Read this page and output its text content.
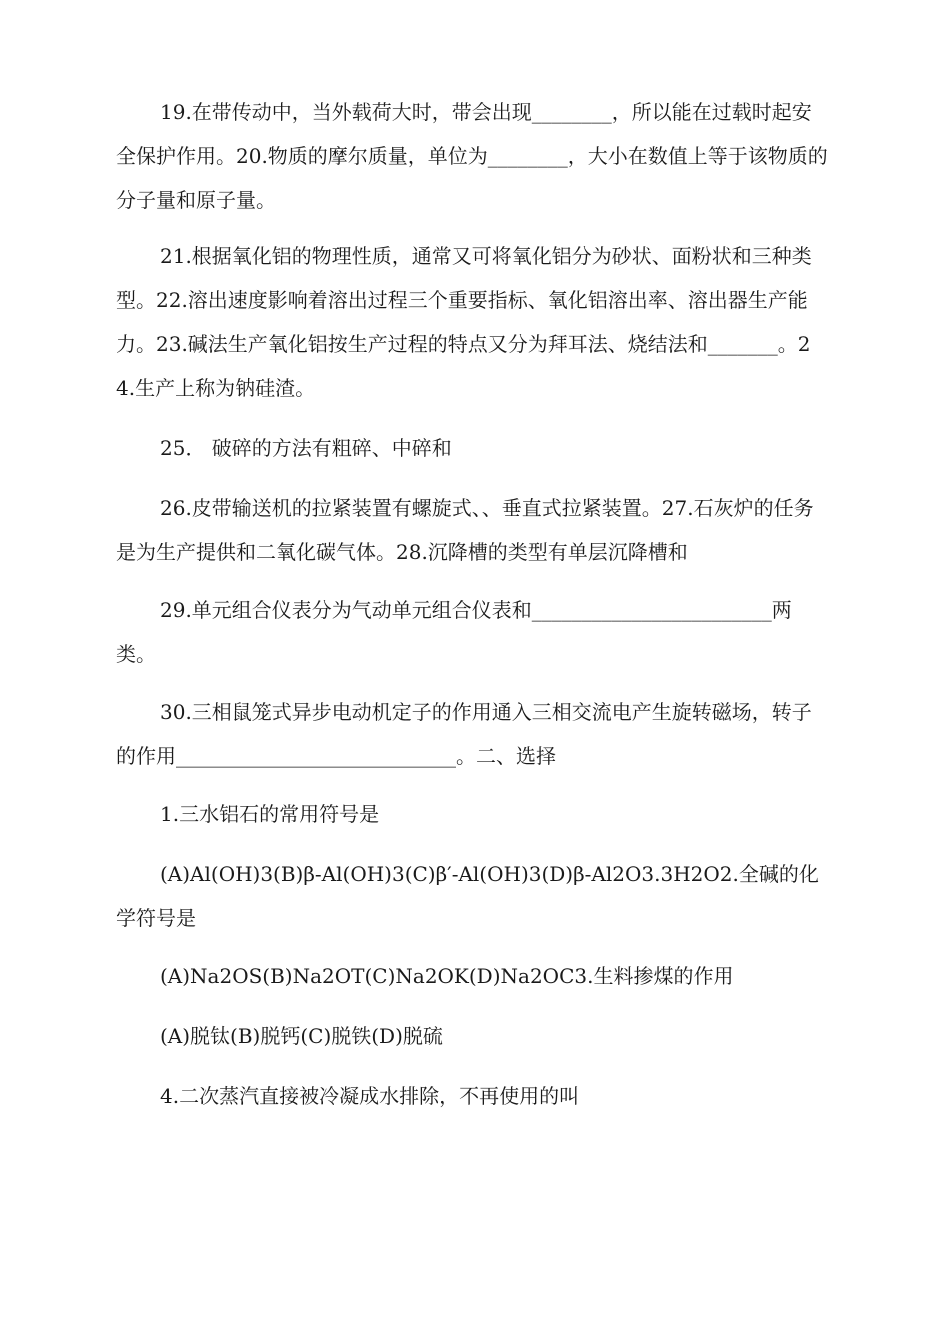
19.在带传动中，当外载荷大时，带会出现________，所以能在过载时起安全保护作用。20.物质的摩尔质量，单位为________，大小在数值上等于该物质的分子量和原子量。

21.根据氧化铝的物理性质，通常又可将氧化铝分为砂状、面粉状和三种类型。22.溶出速度影响着溶出过程三个重要指标、氧化铝溶出率、溶出器生产能力。23.碱法生产氧化铝按生产过程的特点又分为拜耳法、烧结法和_______。24.生产上称为钠硅渣。

25． 破碎的方法有粗碎、中碎和

26.皮带输送机的拉紧装置有螺旋式、、垂直式拉紧装置。27.石灰炉的任务是为生产提供和二氧化碳气体。28.沉降槽的类型有单层沉降槽和

29.单元组合仪表分为气动单元组合仪表和________________________两类。

30.三相鼠笼式异步电动机定子的作用通入三相交流电产生旋转磁场，转子的作用____________________________。二、选择

1.三水铝石的常用符号是

(A)Al(OH)3(B)β-Al(OH)3(C)β′-Al(OH)3(D)β-Al2O3.3H2O2.全碱的化学符号是

(A)Na2OS(B)Na2OT(C)Na2OK(D)Na2OC3.生料掺煤的作用

(A)脱钛(B)脱钙(C)脱铁(D)脱硫

4.二次蒸汽直接被冷凝成水排除，不再使用的叫
